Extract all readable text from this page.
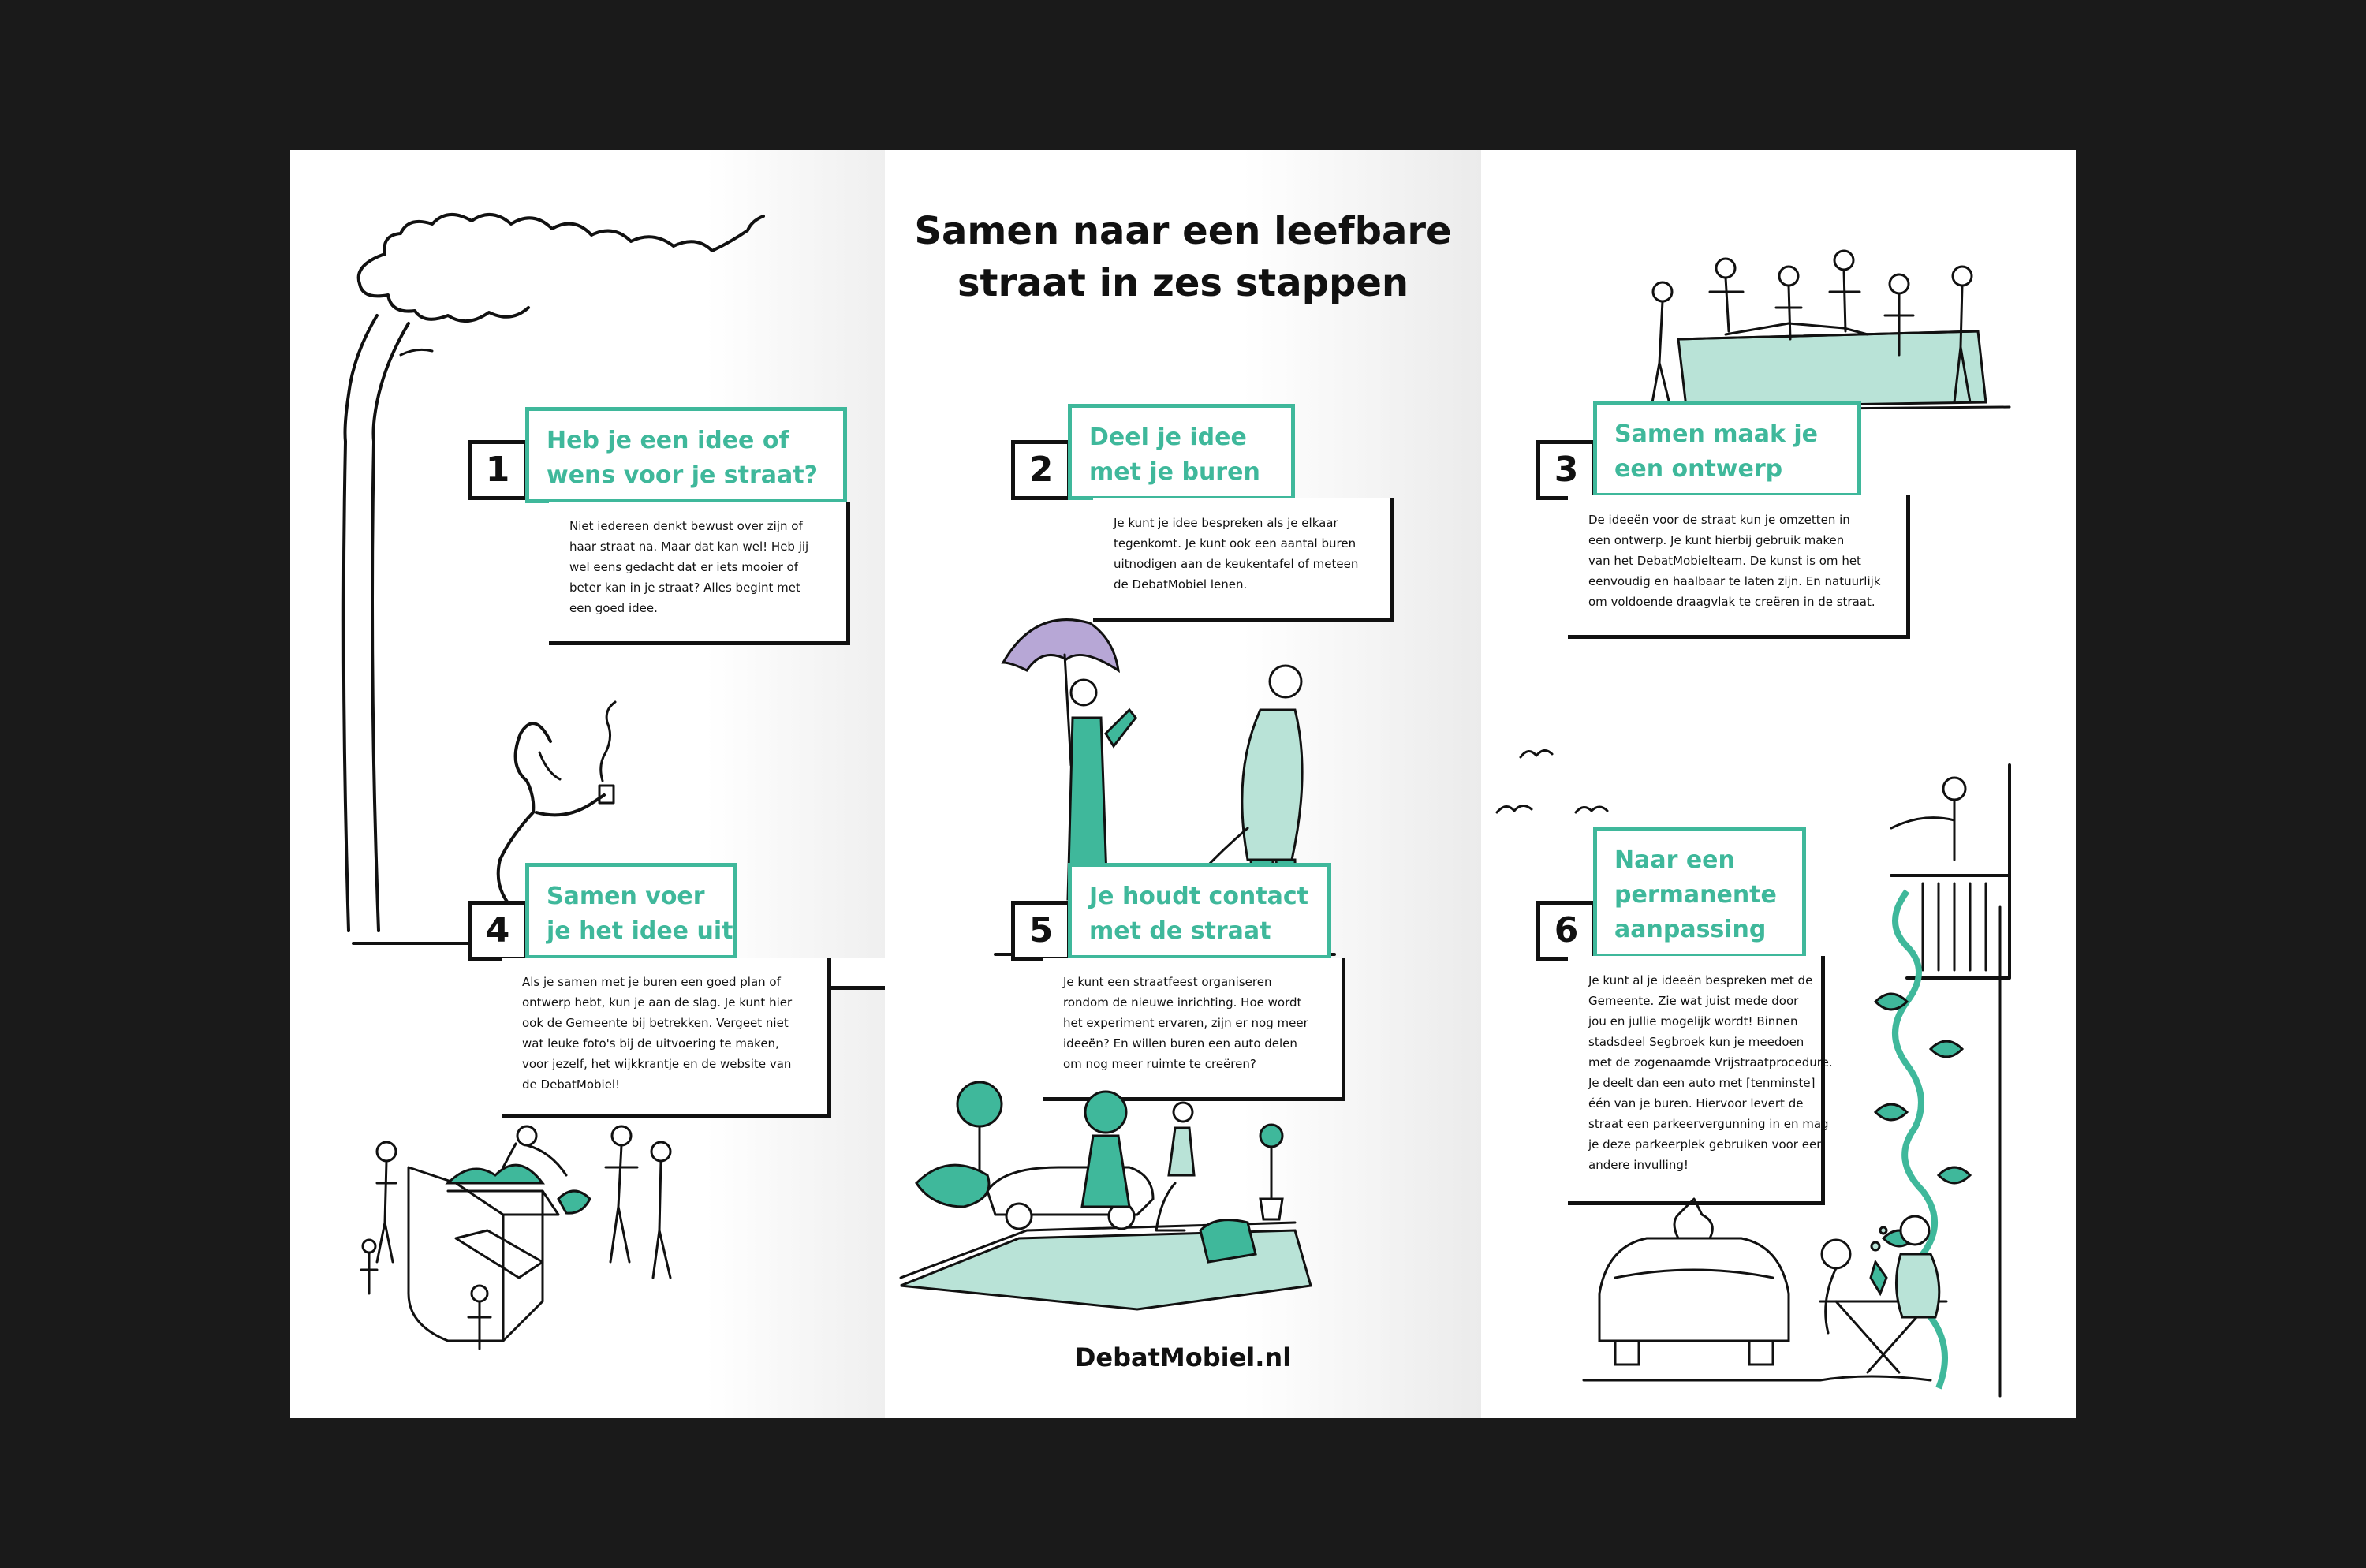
1
Heb je een idee of
wens voor je straat?
Niet iedereen denkt bewust over zijn of
haar straat na. Maar dat kan wel! Heb jij
wel eens gedacht dat er iets mooier of
beter kan in je straat? Alles begint met
een goed idee.
4
Samen voer
je het idee uit
Als je samen met je buren een goed plan of
ontwerp hebt, kun je aan de slag. Je kunt hier
ook de Gemeente bij betrekken. Vergeet niet
wat leuke foto's bij de uitvoering te maken,
voor jezelf, het wijkkrantje en de website van
de DebatMobiel!
Samen naar een leefbare
straat in zes stappen
2
Deel je idee
met je buren
Je kunt je idee bespreken als je elkaar
tegenkomt. Je kunt ook een aantal buren
uitnodigen aan de keukentafel of meteen
de DebatMobiel lenen.
5
Je houdt contact
met de straat
Je kunt een straatfeest organiseren
rondom de nieuwe inrichting. Hoe wordt
het experiment ervaren, zijn er nog meer
ideeën? En willen buren een auto delen
om nog meer ruimte te creëren?
DebatMobiel.nl
3
Samen maak je
een ontwerp
De ideeën voor de straat kun je omzetten in
een ontwerp. Je kunt hierbij gebruik maken
van het DebatMobielteam. De kunst is om het
eenvoudig en haalbaar te laten zijn. En natuurlijk
om voldoende draagvlak te creëren in de straat.
6
Naar een
permanente
aanpassing
Je kunt al je ideeën bespreken met de
Gemeente. Zie wat juist mede door
jou en jullie mogelijk wordt! Binnen
stadsdeel Segbroek kun je meedoen
met de zogenaamde Vrijstraatprocedure.
Je deelt dan een auto met [tenminste]
één van je buren. Hiervoor levert de
straat een parkeervergunning in en mag
je deze parkeerplek gebruiken voor een
andere invulling!
